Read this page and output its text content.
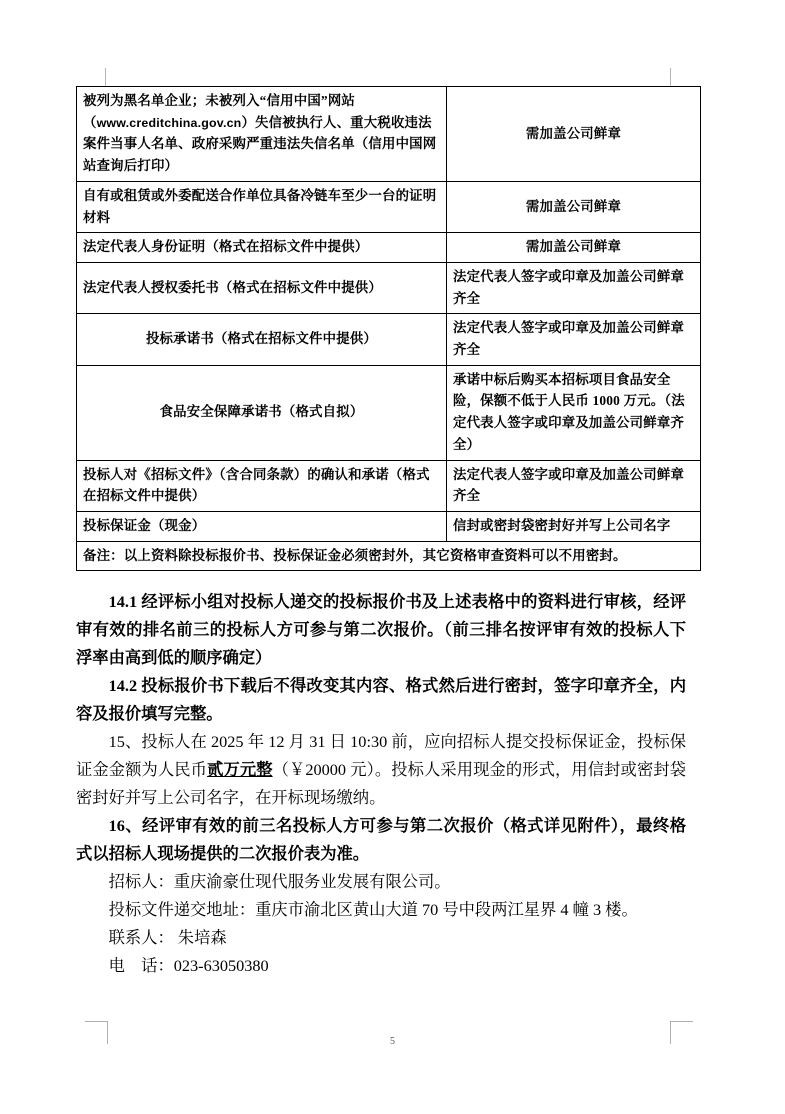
被列为黑名单企业；未被列入“信用中国”网站（www.creditchina.gov.cn）失信被执行人、重大税收违法案件当事人名单、政府采购严重违法失信名单（信用中国网站查询后打印）	需加盖公司鲜章
自有或租赁或外委配送合作单位具备冷链车至少一台的证明材料	需加盖公司鲜章
法定代表人身份证明（格式在招标文件中提供）	需加盖公司鲜章
法定代表人授权委托书（格式在招标文件中提供）	法定代表人签字或印章及加盖公司鲜章齐全
投标承诺书（格式在招标文件中提供）	法定代表人签字或印章及加盖公司鲜章齐全
食品安全保障承诺书（格式自拟）	承诺中标后购买本招标项目食品安全险，保额不低于人民币 1000 万元。（法定代表人签字或印章及加盖公司鲜章齐全）
投标人对《招标文件》（含合同条款）的确认和承诺（格式在招标文件中提供）	法定代表人签字或印章及加盖公司鲜章齐全
投标保证金（现金）	信封或密封袋密封好并写上公司名字
备注：以上资料除投标报价书、投标保证金必须密封外，其它资格审查资料可以不用密封。	

14.1 经评标小组对投标人递交的投标报价书及上述表格中的资料进行审核，经评审有效的排名前三的投标人方可参与第二次报价。（前三排名按评审有效的投标人下浮率由高到低的顺序确定）

14.2 投标报价书下载后不得改变其内容、格式然后进行密封，签字印章齐全，内容及报价填写完整。

15、投标人在 2025 年 12 月 31 日 10:30 前，应向招标人提交投标保证金，投标保证金金额为人民币贰万元整（￥20000 元）。投标人采用现金的形式，用信封或密封袋密封好并写上公司名字，在开标现场缴纳。

16、经评审有效的前三名投标人方可参与第二次报价（格式详见附件），最终格式以招标人现场提供的二次报价表为准。

招标人：重庆渝豪仕现代服务业发展有限公司。

投标文件递交地址：重庆市渝北区黄山大道 70 号中段两江星界 4 幢 3 楼。

联系人： 朱培森

电　话：023-63050380

5
